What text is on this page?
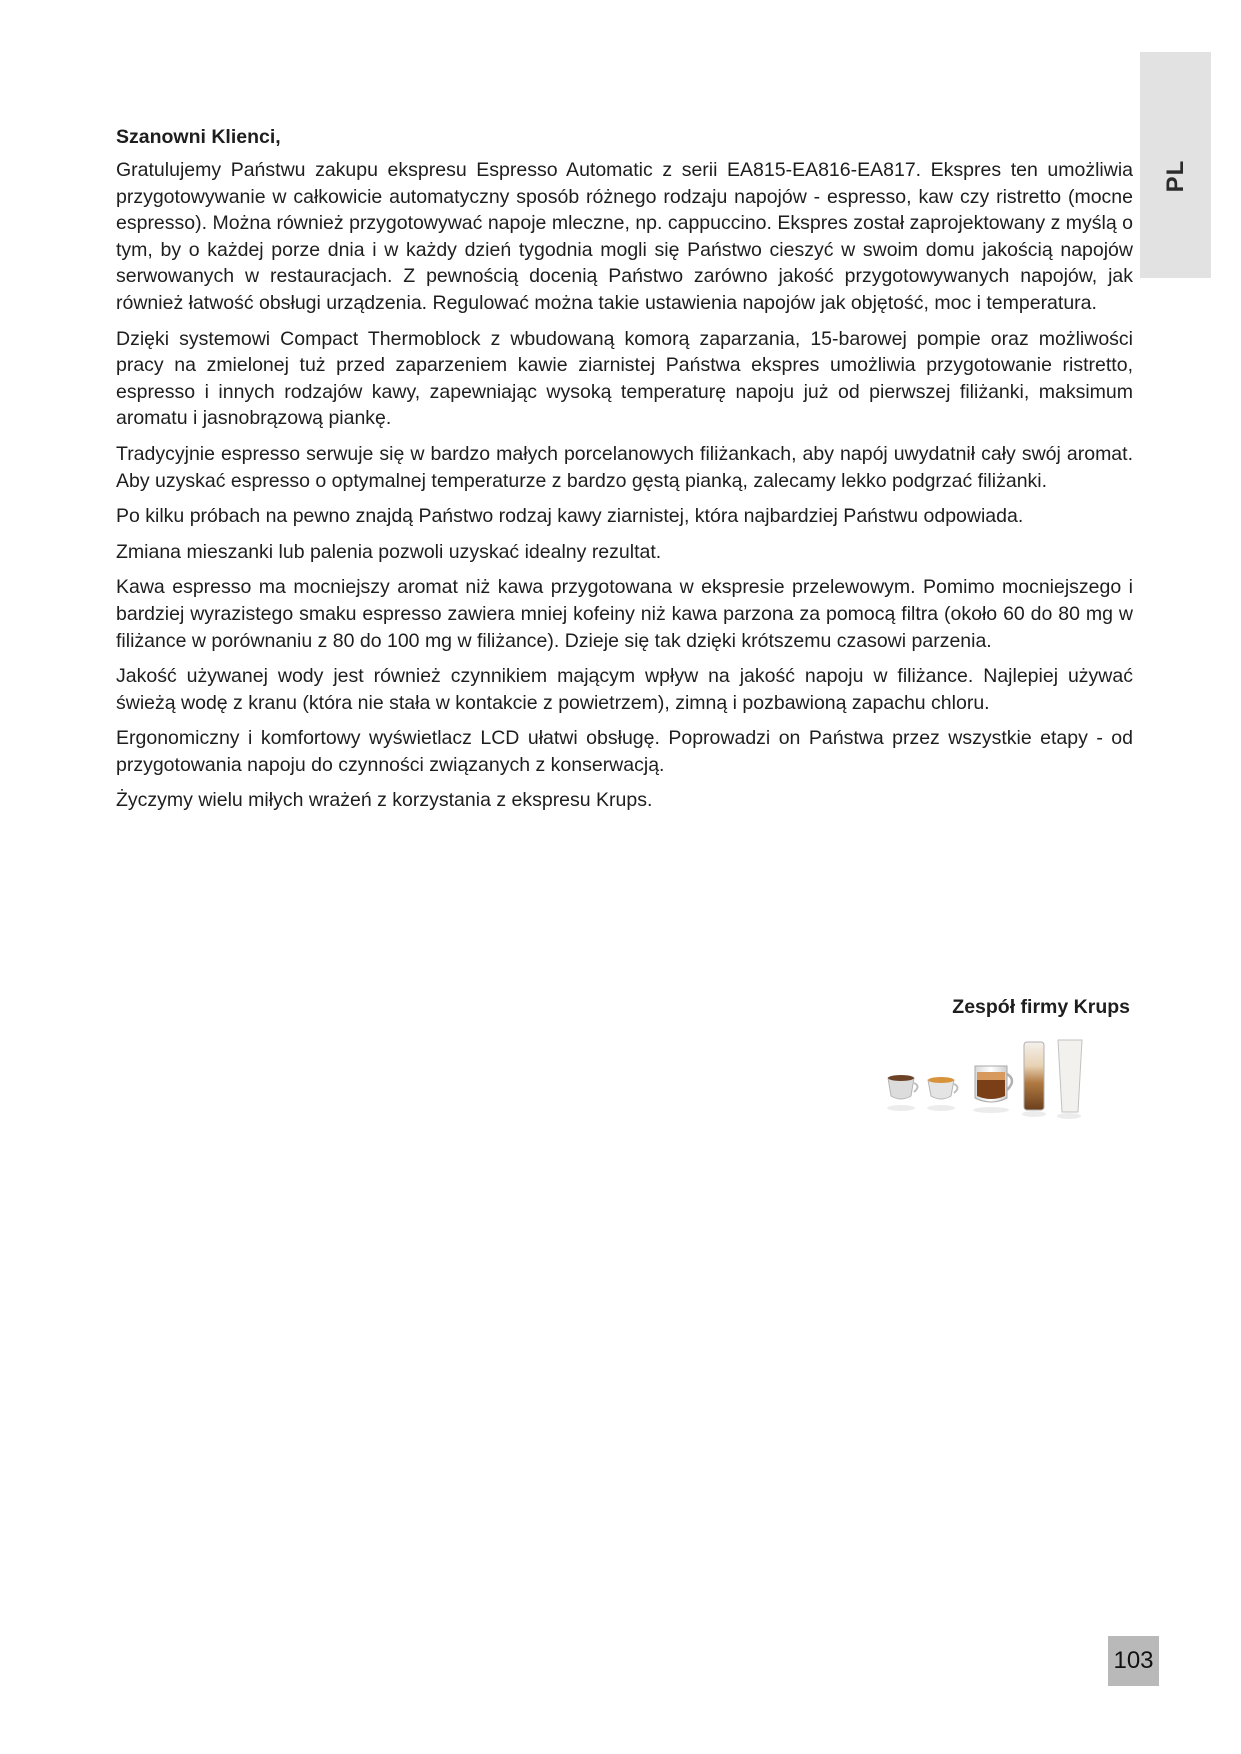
PL

Szanowni Klienci,

Gratulujemy Państwu zakupu ekspresu Espresso Automatic z serii EA815-EA816-EA817. Ekspres ten umożliwia przygotowywanie w całkowicie automatyczny sposób różnego rodzaju napojów - espresso, kaw czy ristretto (mocne espresso). Można również przygotowywać napoje mleczne, np. cappuccino. Ekspres został zaprojektowany z myślą o tym, by o każdej porze dnia i w każdy dzień tygodnia mogli się Państwo cieszyć w swoim domu jakością napojów serwowanych w restauracjach. Z pewnością docenią Państwo zarówno jakość przygotowywanych napojów, jak również łatwość obsługi urządzenia. Regulować można takie ustawienia napojów jak objętość, moc i temperatura.

Dzięki systemowi Compact Thermoblock z wbudowaną komorą zaparzania, 15-barowej pompie oraz możliwości pracy na zmielonej tuż przed zaparzeniem kawie ziarnistej Państwa ekspres umożliwia przygotowanie ristretto, espresso i innych rodzajów kawy, zapewniając wysoką temperaturę napoju już od pierwszej filiżanki, maksimum aromatu i jasnobrązową piankę.

Tradycyjnie espresso serwuje się w bardzo małych porcelanowych filiżankach, aby napój uwydatnił cały swój aromat. Aby uzyskać espresso o optymalnej temperaturze z bardzo gęstą pianką, zalecamy lekko podgrzać filiżanki.

Po kilku próbach na pewno znajdą Państwo rodzaj kawy ziarnistej, która najbardziej Państwu odpowiada.

Zmiana mieszanki lub palenia pozwoli uzyskać idealny rezultat.

Kawa espresso ma mocniejszy aromat niż kawa przygotowana w ekspresie przelewowym. Pomimo mocniejszego i bardziej wyrazistego smaku espresso zawiera mniej kofeiny niż kawa parzona za pomocą filtra (około 60 do 80 mg w filiżance w porównaniu z 80 do 100 mg w filiżance). Dzieje się tak dzięki krótszemu czasowi parzenia.

Jakość używanej wody jest również czynnikiem mającym wpływ na jakość napoju w filiżance. Najlepiej używać świeżą wodę z kranu (która nie stała w kontakcie z powietrzem), zimną i pozbawioną zapachu chloru.

Ergonomiczny i komfortowy wyświetlacz LCD ułatwi obsługę. Poprowadzi on Państwa przez wszystkie etapy - od przygotowania napoju do czynności związanych z konserwacją.

Życzymy wielu miłych wrażeń z korzystania z ekspresu Krups.

Zespół firmy Krups
103
